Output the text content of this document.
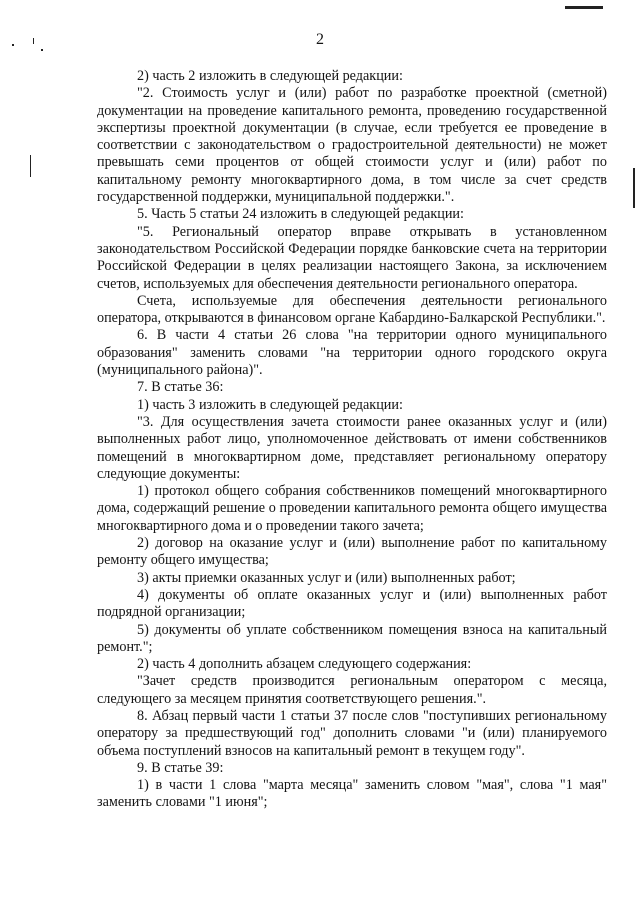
2

2) часть 2 изложить в следующей редакции:

"2. Стоимость услуг и (или) работ по разработке проектной (сметной) документации на проведение капитального ремонта, проведению государственной экспертизы проектной документации (в случае, если требуется ее проведение в соответствии с законодательством о градостроительной деятельности) не может превышать семи процентов от общей стоимости услуг и (или) работ по капитальному ремонту многоквартирного дома, в том числе за счет средств государственной поддержки, муниципальной поддержки.".

5. Часть 5 статьи 24 изложить в следующей редакции:

"5. Региональный оператор вправе открывать в установленном законодательством Российской Федерации порядке банковские счета на территории Российской Федерации в целях реализации настоящего Закона, за исключением счетов, используемых для обеспечения деятельности регионального оператора.

Счета, используемые для обеспечения деятельности регионального оператора, открываются в финансовом органе Кабардино-Балкарской Республики.".

6. В части 4 статьи 26 слова "на территории одного муниципального образования" заменить словами "на территории одного городского округа (муниципального района)".

7. В статье 36:

1) часть 3 изложить в следующей редакции:

"3. Для осуществления зачета стоимости ранее оказанных услуг и (или) выполненных работ лицо, уполномоченное действовать от имени собственников помещений в многоквартирном доме, представляет региональному оператору следующие документы:

1) протокол общего собрания собственников помещений многоквартирного дома, содержащий решение о проведении капитального ремонта общего имущества многоквартирного дома и о проведении такого зачета;

2) договор на оказание услуг и (или) выполнение работ по капитальному ремонту общего имущества;

3) акты приемки оказанных услуг и (или) выполненных работ;

4) документы об оплате оказанных услуг и (или) выполненных работ подрядной организации;

5) документы об уплате собственником помещения взноса на капитальный ремонт.";

2) часть 4 дополнить абзацем следующего содержания:

"Зачет средств производится региональным оператором с месяца, следующего за месяцем принятия соответствующего решения.".

8. Абзац первый части 1 статьи 37 после слов "поступивших региональному оператору за предшествующий год" дополнить словами "и (или) планируемого объема поступлений взносов на капитальный ремонт в текущем году".

9. В статье 39:

1) в части 1 слова "марта месяца" заменить словом "мая", слова "1 мая" заменить словами "1 июня";
